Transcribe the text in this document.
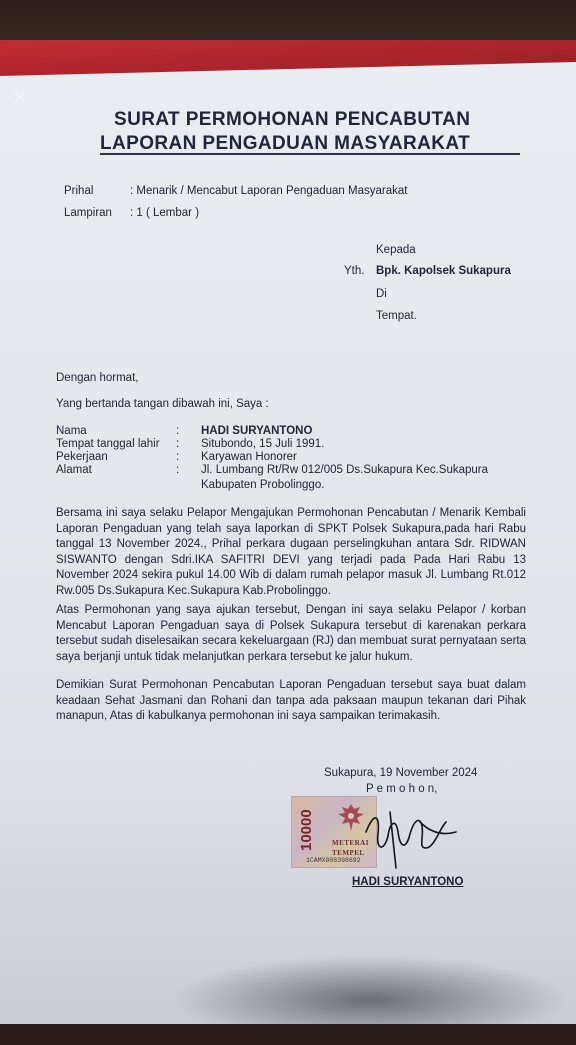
SURAT PERMOHONAN PENCABUTAN
LAPORAN PENGADUAN MASYARAKAT
Prihal	: Menarik / Mencabut Laporan Pengaduan Masyarakat
Lampiran : 1 ( Lembar )
Kepada
Yth. Bpk. Kapolsek Sukapura
Di
Tempat.
Dengan hormat,
Yang bertanda tangan dibawah ini, Saya :
Nama	: HADI SURYANTONO
Tempat tanggal lahir : Situbondo, 15 Juli 1991.
Pekerjaan	: Karyawan Honorer
Alamat	: Jl. Lumbang Rt/Rw 012/005 Ds.Sukapura Kec.Sukapura
Kabupaten Probolinggo.
Bersama ini saya selaku Pelapor Mengajukan Permohonan Pencabutan / Menarik Kembali Laporan Pengaduan yang telah saya laporkan di SPKT Polsek Sukapura,pada hari Rabu tanggal 13 November 2024., Prihal perkara dugaan perselingkuhan antara Sdr. RIDWAN SISWANTO dengan Sdri.IKA SAFITRI DEVI yang terjadi pada Pada Hari Rabu 13 November 2024 sekira pukul 14.00 Wib di dalam rumah pelapor masuk Jl. Lumbang Rt.012 Rw.005 Ds.Sukapura Kec.Sukapura Kab.Probolinggo.
Atas Permohonan yang saya ajukan tersebut, Dengan ini saya selaku Pelapor / korban Mencabut Laporan Pengaduan saya di Polsek Sukapura tersebut di karenakan perkara tersebut sudah diselesaikan secara kekeluargaan (RJ) dan membuat surat pernyataan serta saya berjanji untuk tidak melanjutkan perkara tersebut ke jalur hukum.
Demikian Surat Permohonan Pencabutan Laporan Pengaduan tersebut saya buat dalam keadaan Sehat Jasmani dan Rohani dan tanpa ada paksaan maupun tekanan dari Pihak manapun, Atas di kabulkanya permohonan ini saya sampaikan terimakasih.
Sukapura, 19 November 2024
P e m o h o n,
10000 METERAI
TEMPEL
1CAMX008398692
HADI SURYANTONO
